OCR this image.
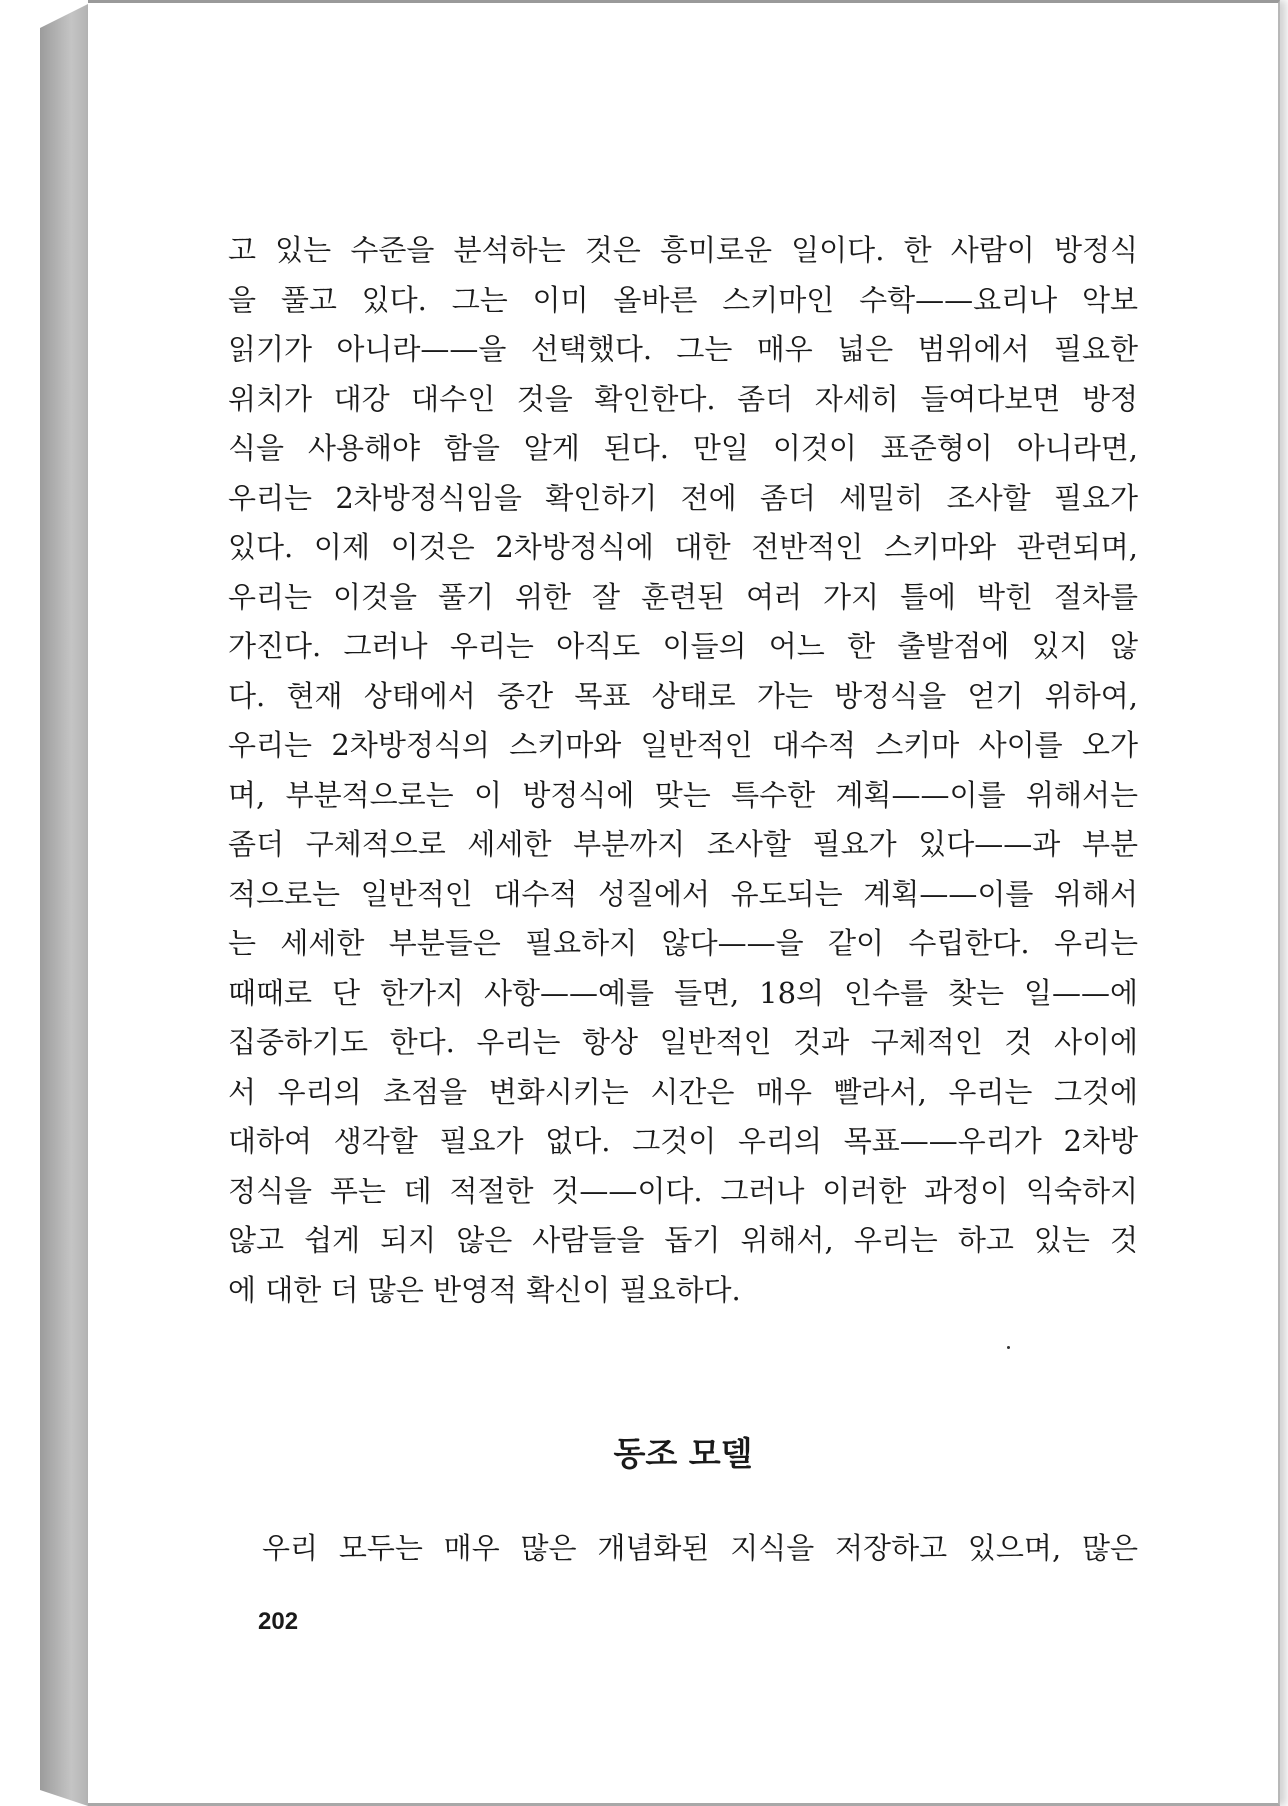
고 있는 수준을 분석하는 것은 흥미로운 일이다. 한 사람이 방정식
을 풀고 있다. 그는 이미 올바른 스키마인 수학——요리나 악보
읽기가 아니라——을 선택했다. 그는 매우 넓은 범위에서 필요한
위치가 대강 대수인 것을 확인한다. 좀더 자세히 들여다보면 방정
식을 사용해야 함을 알게 된다. 만일 이것이 표준형이 아니라면,
우리는 2차방정식임을 확인하기 전에 좀더 세밀히 조사할 필요가
있다. 이제 이것은 2차방정식에 대한 전반적인 스키마와 관련되며,
우리는 이것을 풀기 위한 잘 훈련된 여러 가지 틀에 박힌 절차를
가진다. 그러나 우리는 아직도 이들의 어느 한 출발점에 있지 않
다. 현재 상태에서 중간 목표 상태로 가는 방정식을 얻기 위하여,
우리는 2차방정식의 스키마와 일반적인 대수적 스키마 사이를 오가
며, 부분적으로는 이 방정식에 맞는 특수한 계획——이를 위해서는
좀더 구체적으로 세세한 부분까지 조사할 필요가 있다——과 부분
적으로는 일반적인 대수적 성질에서 유도되는 계획——이를 위해서
는 세세한 부분들은 필요하지 않다——을 같이 수립한다. 우리는
때때로 단 한가지 사항——예를 들면, 18의 인수를 찾는 일——에
집중하기도 한다. 우리는 항상 일반적인 것과 구체적인 것 사이에
서 우리의 초점을 변화시키는 시간은 매우 빨라서, 우리는 그것에
대하여 생각할 필요가 없다. 그것이 우리의 목표——우리가 2차방
정식을 푸는 데 적절한 것——이다. 그러나 이러한 과정이 익숙하지
않고 쉽게 되지 않은 사람들을 돕기 위해서, 우리는 하고 있는 것
에 대한 더 많은 반영적 확신이 필요하다.
동조 모델

우리 모두는 매우 많은 개념화된 지식을 저장하고 있으며, 많은

202
